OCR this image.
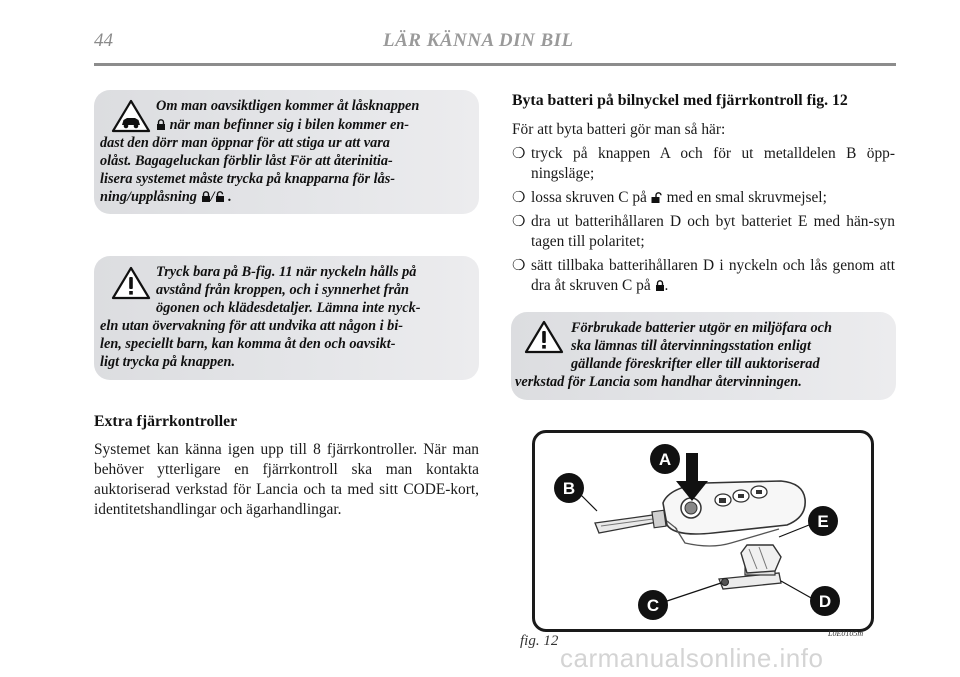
44	LÄR KÄNNA DIN BIL
Om man oavsiktligen kommer åt låsknappen
när man befinner sig i bilen kommer en-
dast den dörr man öppnar för att stiga ur att vara
olåst. Bagageluckan förblir låst För att återinitia-
lisera systemet måste trycka på knapparna för lås-
ning/upplåsning / .
Tryck bara på B-fig. 11 när nyckeln hålls på
avstånd från kroppen, och i synnerhet från
ögonen och klädesdetaljer. Lämna inte nyck-
eln utan övervakning för att undvika att någon i bi-
len, speciellt barn, kan komma åt den och oavsikt-
ligt trycka på knappen.
Extra fjärrkontroller

Systemet kan känna igen upp till 8 fjärrkontroller. När man behöver ytterligare en fjärrkontroll ska man kontakta auktoriserad verkstad för Lancia och ta med sitt CODE-kort, identitetshandlingar och ägarhandlingar.

Byta batteri på bilnyckel med fjärrkontroll fig. 12
För att byta batteri gör man så här:
❍ tryck på knappen A och för ut metalldelen B öpp-ningsläge;
❍ lossa skruven C på med en smal skruvmejsel;
❍ dra ut batterihållaren D och byt batteriet E med hän-syn tagen till polaritet;
❍ sätt tillbaka batterihållaren D i nyckeln och lås genom att dra åt skruven C på .
Förbrukade batterier utgör en miljöfara och
ska lämnas till återvinningsstation enligt
gällande föreskrifter eller till auktoriserad
verkstad för Lancia som handhar återvinningen.
B
A
E
D
C
fig. 12	L0E0105m
carmanualsonline.info
